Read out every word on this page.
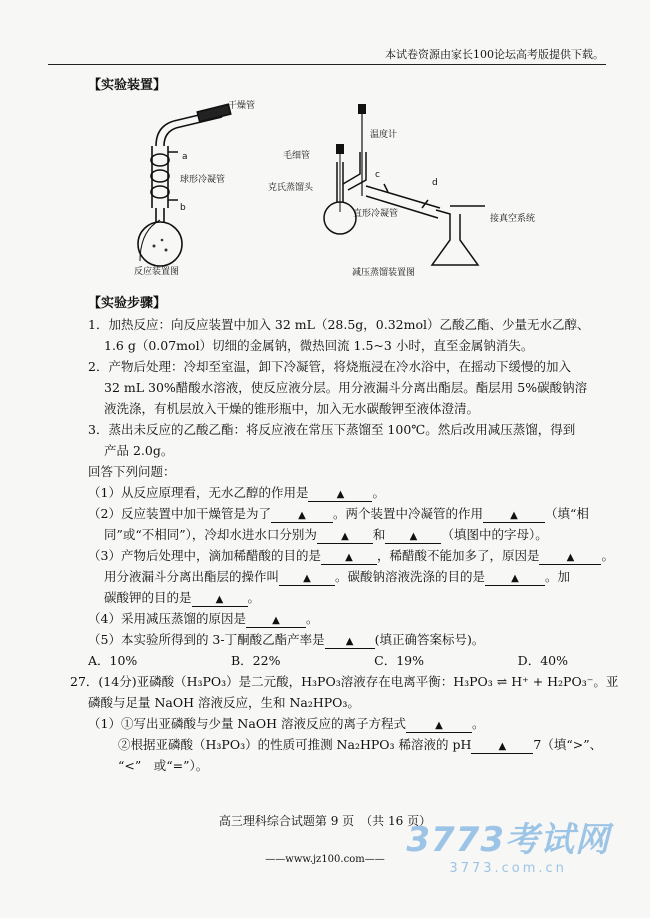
本试卷资源由家长100论坛高考版提供下载。
【实验装置】
干燥管
a
球形冷凝管
b
反应装置图
温度计
毛细管
克氏蒸馏头
c
d
直形冷凝管	接真空系统
减压蒸馏装置图
【实验步骤】
1．加热反应：向反应装置中加入 32 mL（28.5g，0.32mol）乙酸乙酯、少量无水乙醇、
1.6 g（0.07mol）切细的金属钠，微热回流 1.5~3 小时，直至金属钠消失。
2．产物后处理：冷却至室温，卸下冷凝管，将烧瓶浸在冷水浴中，在摇动下缓慢的加入
32 mL 30%醋酸水溶液，使反应液分层。用分液漏斗分离出酯层。酯层用 5%碳酸钠溶
液洗涤，有机层放入干燥的锥形瓶中，加入无水碳酸钾至液体澄清。
3．蒸出未反应的乙酸乙酯：将反应液在常压下蒸馏至 100℃。然后改用减压蒸馏，得到
产品 2.0g。
回答下列问题：
（1）从反应原理看，无水乙醇的作用是	▲ 。
（2）反应装置中加干燥管是为了	▲ 。两个装置中冷凝管的作用	▲ （填“相
同”或“不相同”），冷却水进水口分别为 ▲ 和 ▲ （填图中的字母）。
（3）产物后处理中，滴加稀醋酸的目的是 ▲ ，稀醋酸不能加多了，原因是	▲ 。
用分液漏斗分离出酯层的操作叫 ▲ 。碳酸钠溶液洗涤的目的是	▲ 。加
碳酸钾的目的是 ▲ 。
（4）采用减压蒸馏的原因是	▲ 。
（5）本实验所得到的 3-丁酮酸乙酯产率是 ▲ (填正确答案标号)。
A．10%	B．22%	C．19%	D．40%
27．(14分)亚磷酸（H₃PO₃）是二元酸，H₃PO₃溶液存在电离平衡：H₃PO₃ ⇌ H⁺ + H₂PO₃⁻。亚
磷酸与足量 NaOH 溶液反应，生和 Na₂HPO₃。
（1）①写出亚磷酸与少量 NaOH 溶液反应的离子方程式	▲ 。
②根据亚磷酸（H₃PO₃）的性质可推测 Na₂HPO₃ 稀溶液的 pH	▲ 7（填“>”、
“<”　或“=”）。
高三理科综合试题第 9 页　（共 16 页）
——www.jz100.com—— 3773考试网
3773.com.cn
